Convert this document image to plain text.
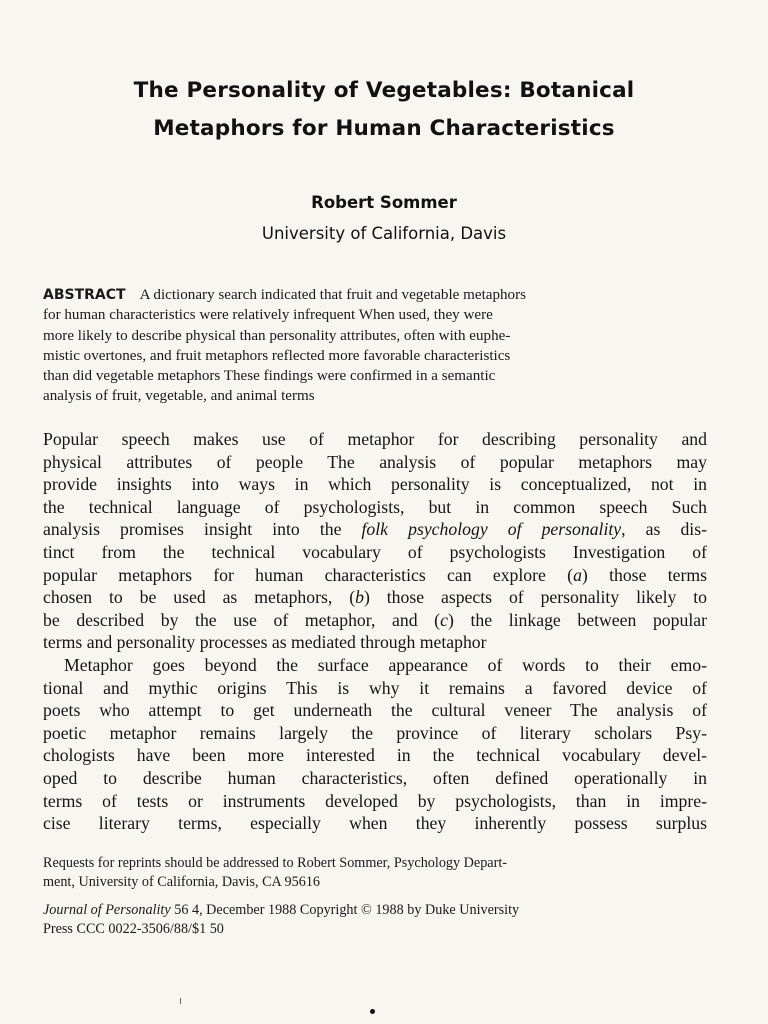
The Personality of Vegetables: Botanical
Metaphors for Human Characteristics
Robert Sommer
University of California, Davis
ABSTRACT A dictionary search indicated that fruit and vegetable metaphors
for human characteristics were relatively infrequent When used, they were
more likely to describe physical than personality attributes, often with euphe-
mistic overtones, and fruit metaphors reflected more favorable characteristics
than did vegetable metaphors These findings were confirmed in a semantic
analysis of fruit, vegetable, and animal terms
Popular speech makes use of metaphor for describing personality and
physical attributes of people The analysis of popular metaphors may
provide insights into ways in which personality is conceptualized, not in
the technical language of psychologists, but in common speech Such
analysis promises insight into the folk psychology of personality, as dis-
tinct from the technical vocabulary of psychologists Investigation of
popular metaphors for human characteristics can explore (a) those terms
chosen to be used as metaphors, (b) those aspects of personality likely to
be described by the use of metaphor, and (c) the linkage between popular
terms and personality processes as mediated through metaphor
Metaphor goes beyond the surface appearance of words to their emo-
tional and mythic origins This is why it remains a favored device of
poets who attempt to get underneath the cultural veneer The analysis of
poetic metaphor remains largely the province of literary scholars Psy-
chologists have been more interested in the technical vocabulary devel-
oped to describe human characteristics, often defined operationally in
terms of tests or instruments developed by psychologists, than in impre-
cise literary terms, especially when they inherently possess surplus
Requests for reprints should be addressed to Robert Sommer, Psychology Depart-
ment, University of California, Davis, CA 95616
Journal of Personality 56 4, December 1988 Copyright © 1988 by Duke University
Press CCC 0022-3506/88/$1 50
